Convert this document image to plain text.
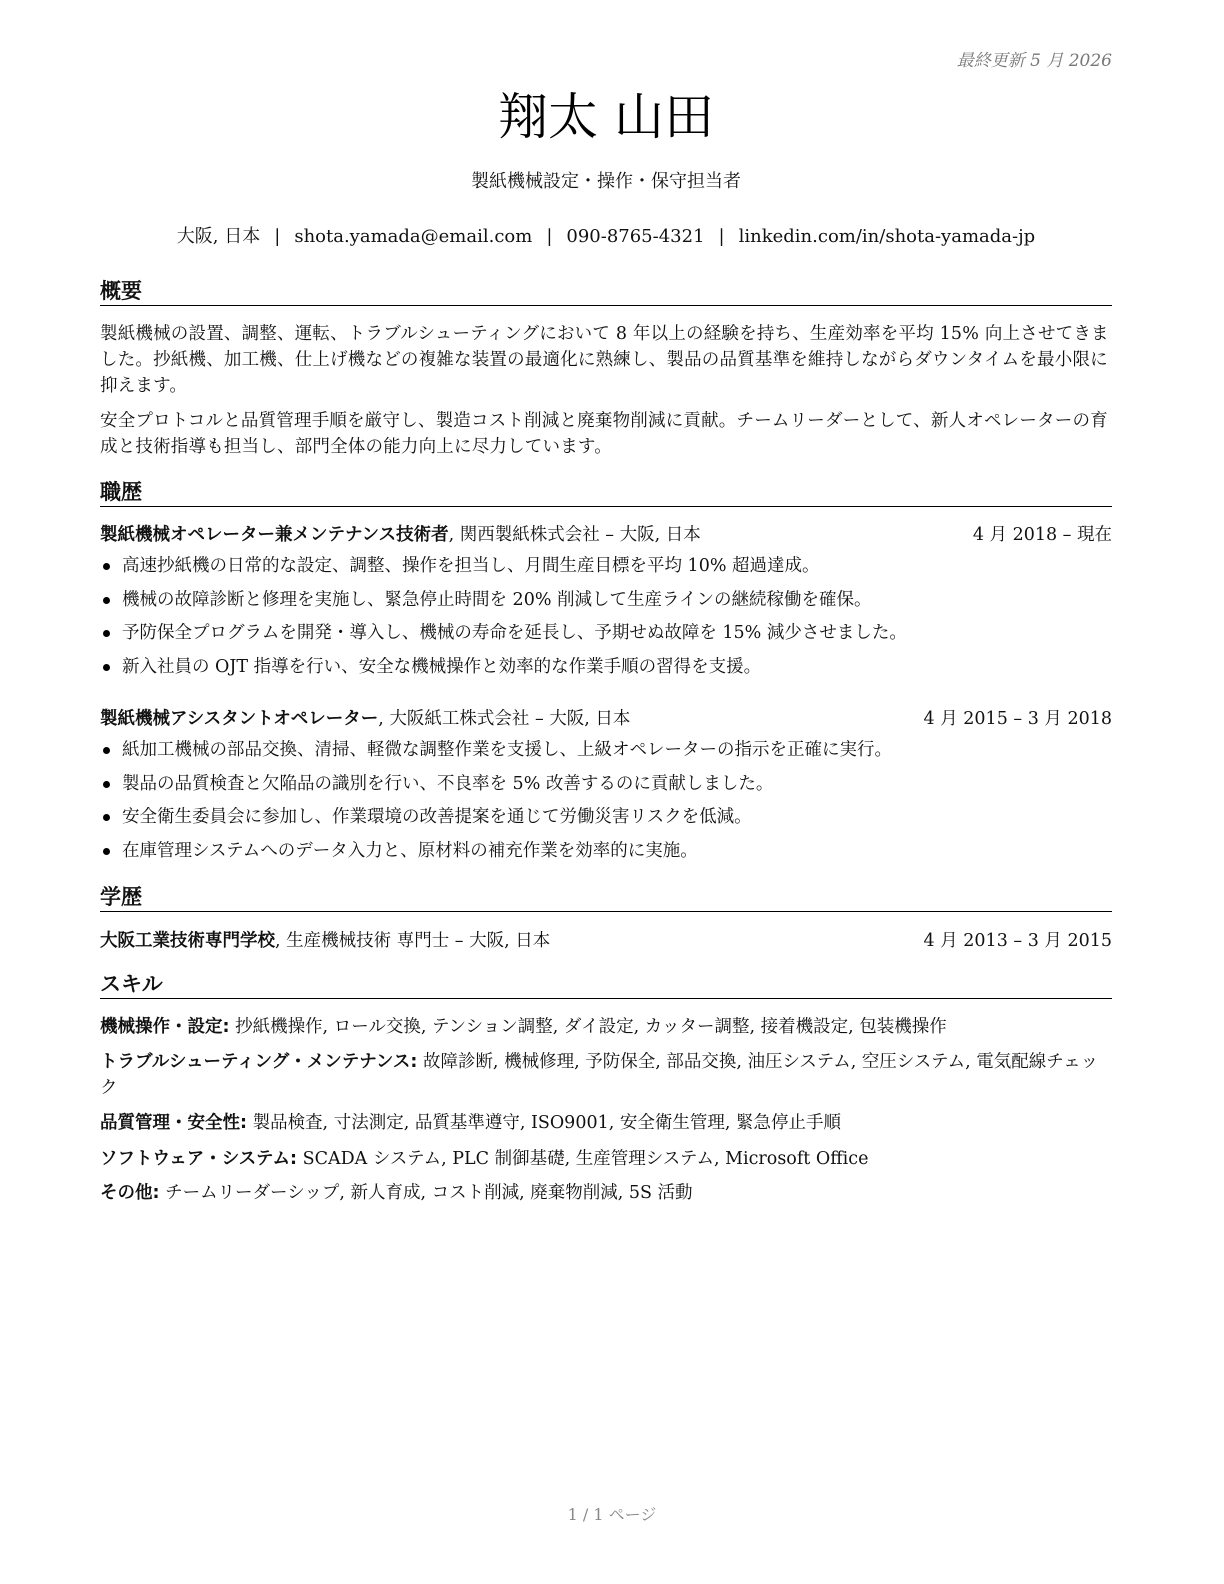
最終更新 5 月 2026
翔太 山田
製紙機械設定・操作・保守担当者
大阪, 日本 | shota.yamada@email.com | 090-8765-4321 | linkedin.com/in/shota-yamada-jp
概要
製紙機械の設置、調整、運転、トラブルシューティングにおいて 8 年以上の経験を持ち、生産効率を平均 15% 向上させてきました。抄紙機、加工機、仕上げ機などの複雑な装置の最適化に熟練し、製品の品質基準を維持しながらダウンタイムを最小限に抑えます。
安全プロトコルと品質管理手順を厳守し、製造コスト削減と廃棄物削減に貢献。チームリーダーとして、新人オペレーターの育成と技術指導も担当し、部門全体の能力向上に尽力しています。
職歴
製紙機械オペレーター兼メンテナンス技術者, 関西製紙株式会社 – 大阪, 日本	4 月 2018 – 現在
高速抄紙機の日常的な設定、調整、操作を担当し、月間生産目標を平均 10% 超過達成。
機械の故障診断と修理を実施し、緊急停止時間を 20% 削減して生産ラインの継続稼働を確保。
予防保全プログラムを開発・導入し、機械の寿命を延長し、予期せぬ故障を 15% 減少させました。
新入社員の OJT 指導を行い、安全な機械操作と効率的な作業手順の習得を支援。
製紙機械アシスタントオペレーター, 大阪紙工株式会社 – 大阪, 日本	4 月 2015 – 3 月 2018
紙加工機械の部品交換、清掃、軽微な調整作業を支援し、上級オペレーターの指示を正確に実行。
製品の品質検査と欠陥品の識別を行い、不良率を 5% 改善するのに貢献しました。
安全衛生委員会に参加し、作業環境の改善提案を通じて労働災害リスクを低減。
在庫管理システムへのデータ入力と、原材料の補充作業を効率的に実施。
学歴
大阪工業技術専門学校, 生産機械技術 専門士 – 大阪, 日本	4 月 2013 – 3 月 2015
スキル
機械操作・設定: 抄紙機操作, ロール交換, テンション調整, ダイ設定, カッター調整, 接着機設定, 包装機操作
トラブルシューティング・メンテナンス: 故障診断, 機械修理, 予防保全, 部品交換, 油圧システム, 空圧システム, 電気配線チェック
品質管理・安全性: 製品検査, 寸法測定, 品質基準遵守, ISO9001, 安全衛生管理, 緊急停止手順
ソフトウェア・システム: SCADA システム, PLC 制御基礎, 生産管理システム, Microsoft Office
その他: チームリーダーシップ, 新人育成, コスト削減, 廃棄物削減, 5S 活動
1 / 1 ページ
